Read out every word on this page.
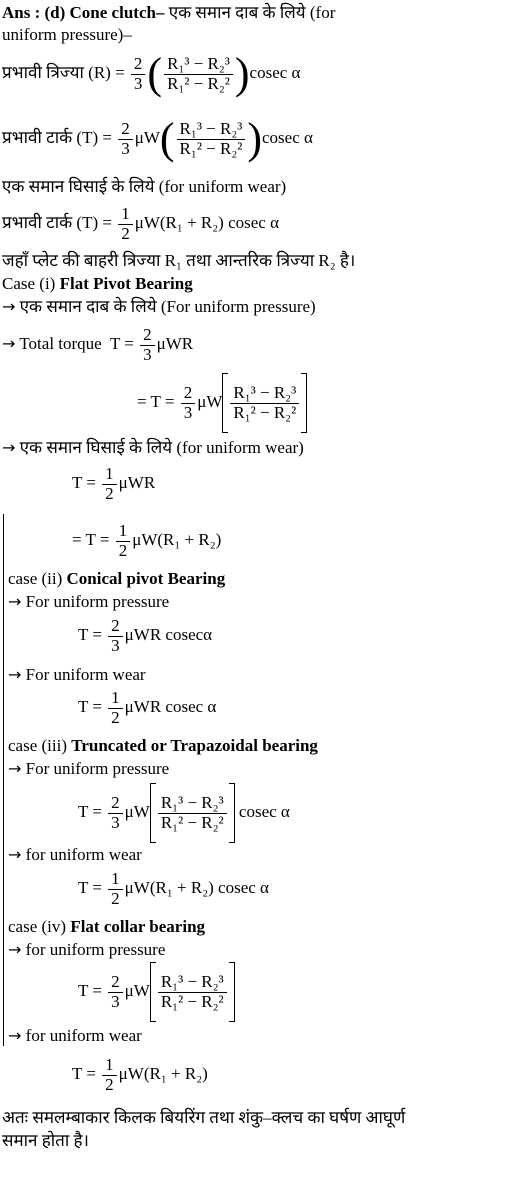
Ans : (d) Cone clutch– एक समान दाब के लिये (for
uniform pressure)–
प्रभावी त्रिज्या $(R) = \frac{2}{3}$ ( $\frac{\text{R₁³ − R₂³}}{\text{R₁² − R₂²}} )cosec$ α
प्रभावी टार्क $(T) = \frac{2}{3} \mu W( \frac{\text{R₁³ − R₂³}}{\text{R₁² − R₂²}} )cosec$ α
एक समान घिसाई के लिये (for uniform wear)
प्रभावी टार्क $(T) = \frac{1}{2} \mu W(R_1 + R_2)$ cosec α
जहाँ प्लेट की बाहरी त्रिज्या R₁ तथा आन्तरिक त्रिज्या R₂ है।
Case (i) Flat Pivot Bearing
→ एक समान दाब के लिये (For uniform pressure)
→ Total torque $T = \frac{2}{3}$ μWR
= $T = \frac{2}{3}$ μW $\frac{\text{R₁³ − R₂³}}{\text{R₁² − R₂²}}$
→ एक समान घिसाई के लिये (for uniform wear)
$T = \frac{1}{2}$ μWR
= $T = \frac{1}{2} \mu W(R_1 + R_2)$
case (ii) Conical pivot Bearing
→ For uniform pressure
$T = \frac{2}{3}$ μWR cosecα
→ For uniform wear
$T = \frac{1}{2}$ μWR cosec α
case (iii) Truncated or Trapazoidal bearing
→ For uniform pressure
$T = \frac{2}{3}$ μW $\frac{\text{R₁³ − R₂³}}{\text{R₁² − R₂²}}$ cosec α
→ for uniform wear
$T = \frac{1}{2} \mu W(R_1 + R_2)$ cosec α
case (iv) Flat collar bearing
→ for uniform pressure
$T = \frac{2}{3}$ μW $\frac{\text{R₁³ − R₂³}}{\text{R₁² − R₂²}}$
→ for uniform wear
$T = \frac{1}{2} \mu W(R_1 + R_2)$
अतः समलम्बाकार किलक बियरिंग तथा शंकु–क्लच का घर्षण आघूर्ण
समान होता है।
